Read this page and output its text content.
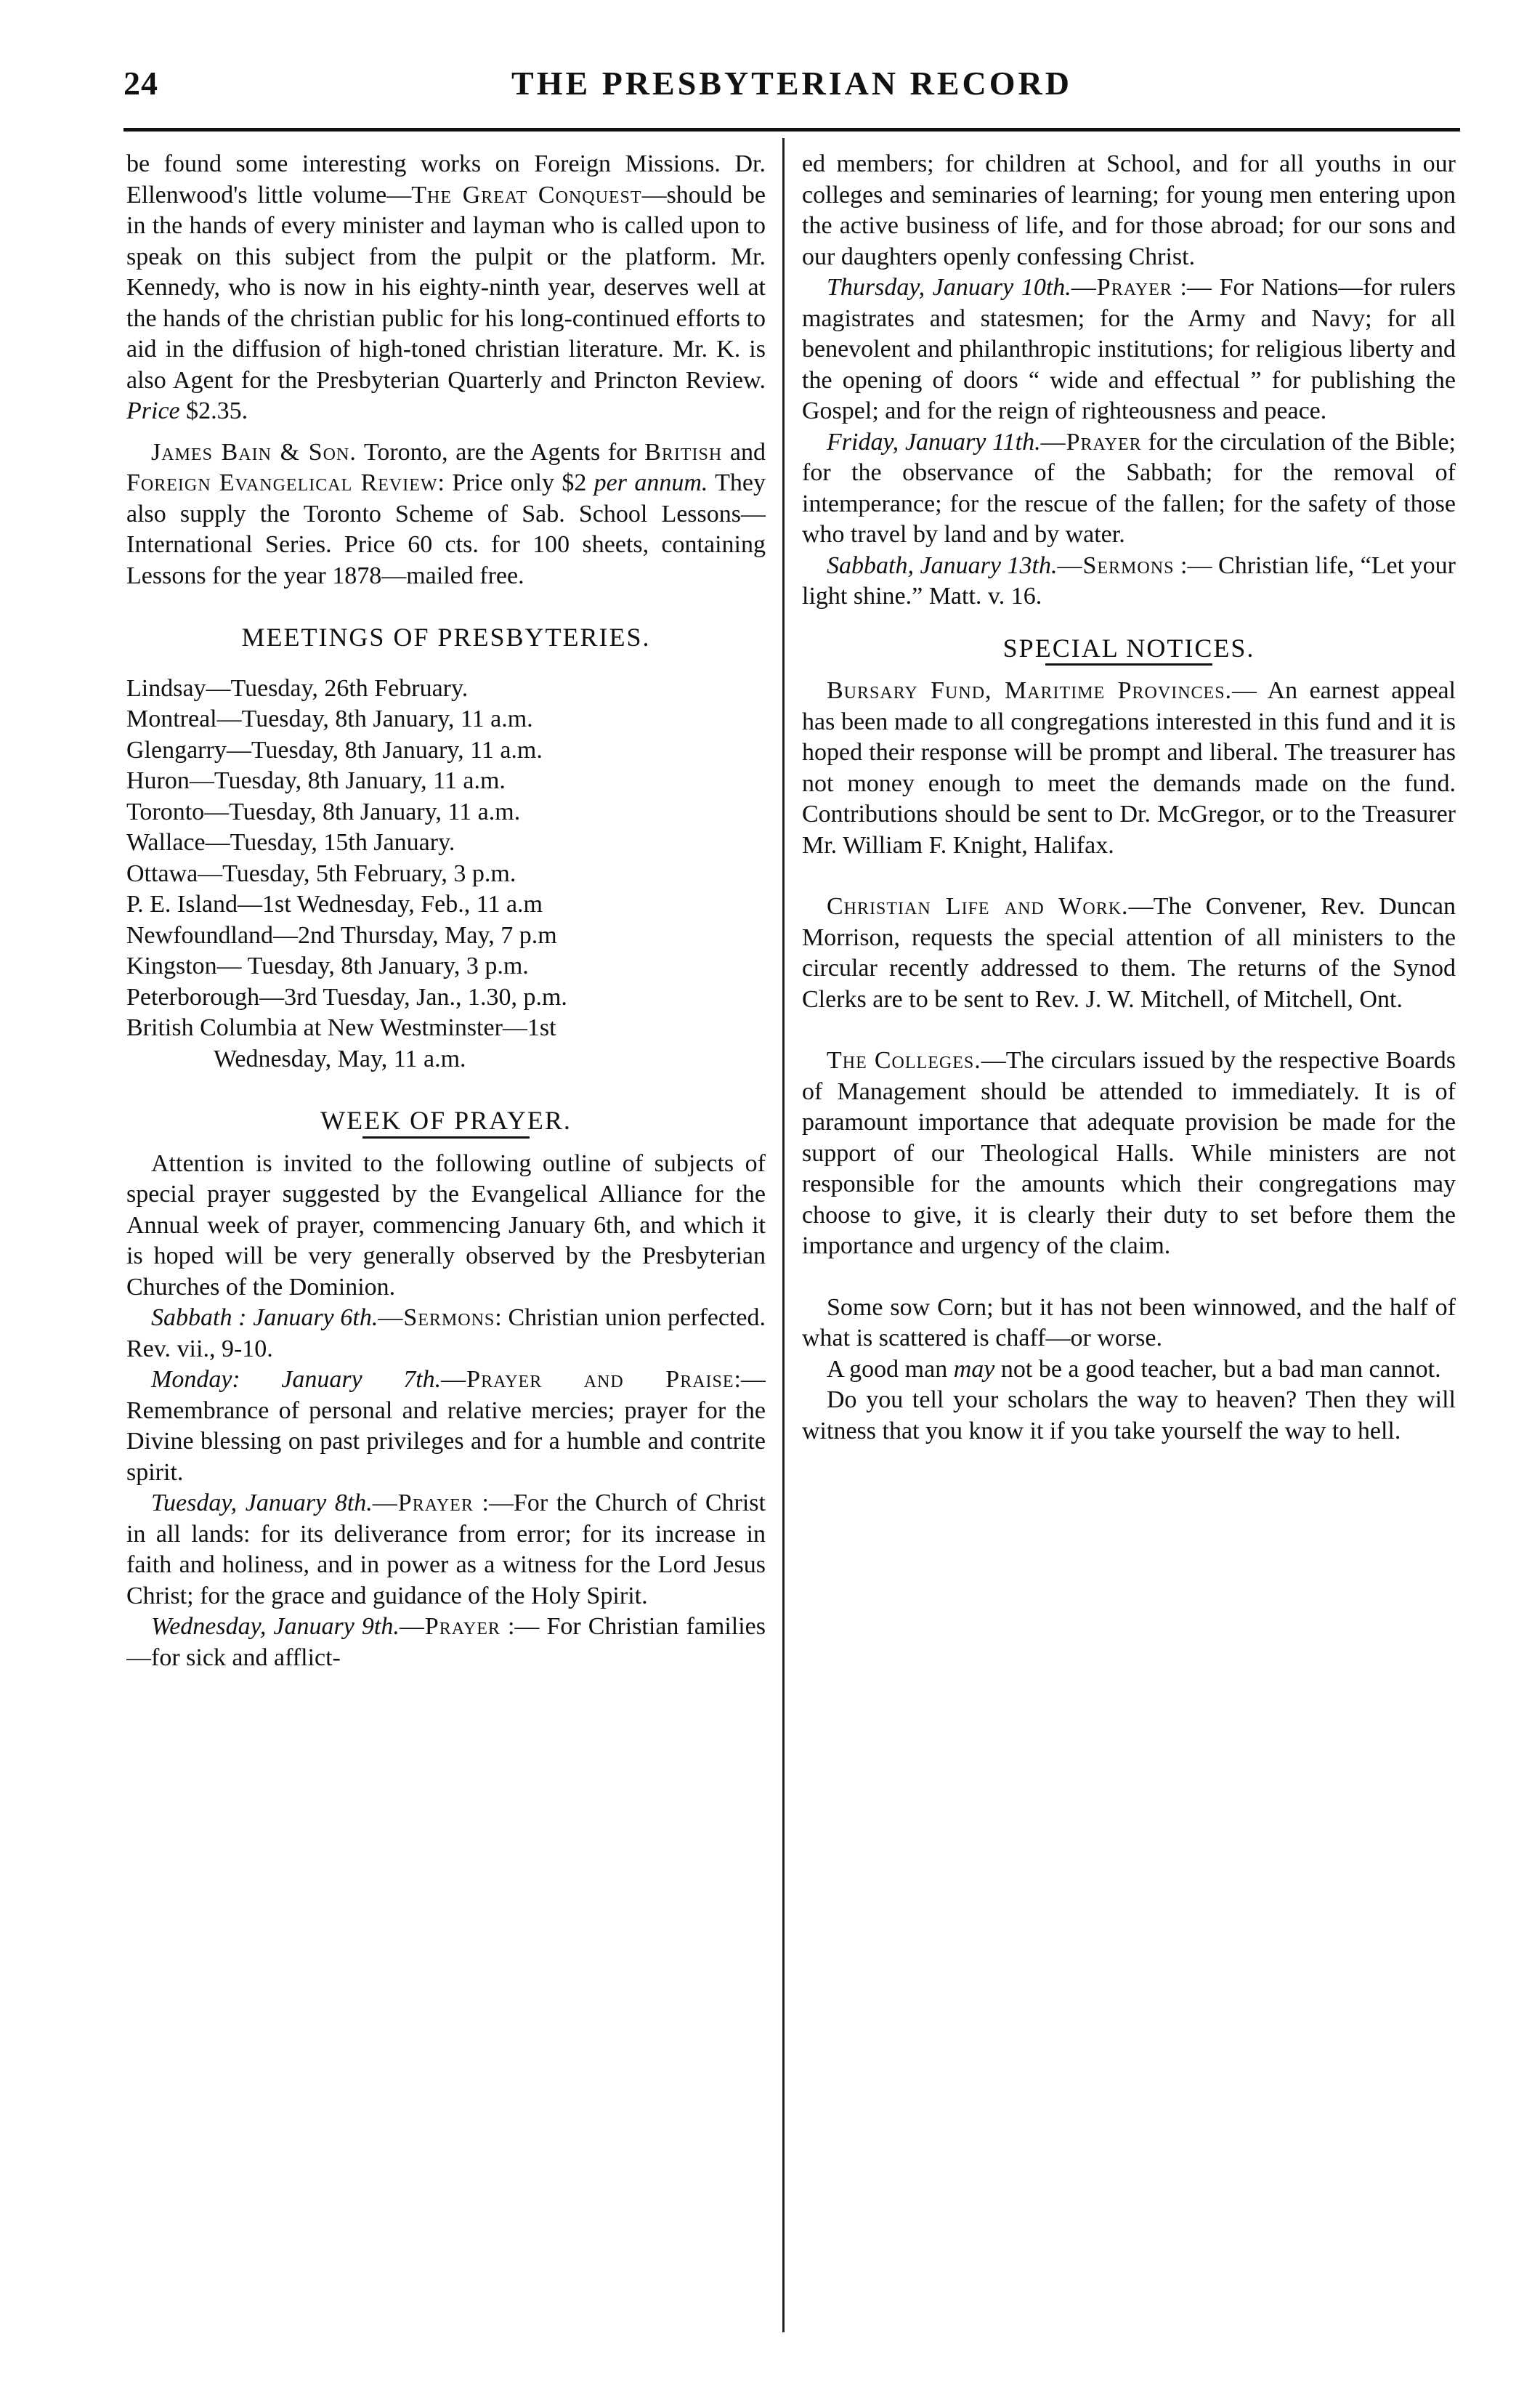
24	THE PRESBYTERIAN RECORD

be found some interesting works on Foreign Missions. Dr. Ellenwood's little volume—The Great Conquest—should be in the hands of every minister and layman who is called upon to speak on this subject from the pulpit or the platform. Mr. Kennedy, who is now in his eighty-ninth year, deserves well at the hands of the christian public for his long-continued efforts to aid in the diffusion of high-toned christian literature. Mr. K. is also Agent for the Presbyterian Quarterly and Princton Review. Price $2.35.

James Bain & Son. Toronto, are the Agents for British and Foreign Evangelical Review: Price only $2 per annum. They also supply the Toronto Scheme of Sab. School Lessons—International Series. Price 60 cts. for 100 sheets, containing Lessons for the year 1878—mailed free.

MEETINGS OF PRESBYTERIES.

Lindsay—Tuesday, 26th February.

Montreal—Tuesday, 8th January, 11 a.m.

Glengarry—Tuesday, 8th January, 11 a.m.

Huron—Tuesday, 8th January, 11 a.m.

Toronto—Tuesday, 8th January, 11 a.m.

Wallace—Tuesday, 15th January.

Ottawa—Tuesday, 5th February, 3 p.m.

P. E. Island—1st Wednesday, Feb., 11 a.m

Newfoundland—2nd Thursday, May, 7 p.m

Kingston— Tuesday, 8th January, 3 p.m.

Peterborough—3rd Tuesday, Jan., 1.30, p.m.

British Columbia at New Westminster—1st

Wednesday, May, 11 a.m.

WEEK OF PRAYER.

Attention is invited to the following outline of subjects of special prayer suggested by the Evangelical Alliance for the Annual week of prayer, commencing January 6th, and which it is hoped will be very generally observed by the Presbyterian Churches of the Dominion.

Sabbath : January 6th.—Sermons: Christian union perfected. Rev. vii., 9-10.

Monday: January 7th.—Prayer and Praise:—Remembrance of personal and relative mercies; prayer for the Divine blessing on past privileges and for a humble and contrite spirit.

Tuesday, January 8th.—Prayer :—For the Church of Christ in all lands: for its deliverance from error; for its increase in faith and holiness, and in power as a witness for the Lord Jesus Christ; for the grace and guidance of the Holy Spirit.

Wednesday, January 9th.—Prayer :— For Christian families—for sick and afflict-

ed members; for children at School, and for all youths in our colleges and seminaries of learning; for young men entering upon the active business of life, and for those abroad; for our sons and our daughters openly confessing Christ.

Thursday, January 10th.—Prayer :— For Nations—for rulers magistrates and statesmen; for the Army and Navy; for all benevolent and philanthropic institutions; for religious liberty and the opening of doors “ wide and effectual ” for publishing the Gospel; and for the reign of righteousness and peace.

Friday, January 11th.—Prayer for the circulation of the Bible; for the observance of the Sabbath; for the removal of intemperance; for the rescue of the fallen; for the safety of those who travel by land and by water.

Sabbath, January 13th.—Sermons :— Christian life, “Let your light shine.” Matt. v. 16.

SPECIAL NOTICES.

Bursary Fund, Maritime Provinces.— An earnest appeal has been made to all congregations interested in this fund and it is hoped their response will be prompt and liberal. The treasurer has not money enough to meet the demands made on the fund. Contributions should be sent to Dr. McGregor, or to the Treasurer Mr. William F. Knight, Halifax.

Christian Life and Work.—The Convener, Rev. Duncan Morrison, requests the special attention of all ministers to the circular recently addressed to them. The returns of the Synod Clerks are to be sent to Rev. J. W. Mitchell, of Mitchell, Ont.

The Colleges.—The circulars issued by the respective Boards of Management should be attended to immediately. It is of paramount importance that adequate provision be made for the support of our Theological Halls. While ministers are not responsible for the amounts which their congregations may choose to give, it is clearly their duty to set before them the importance and urgency of the claim.

Some sow Corn; but it has not been winnowed, and the half of what is scattered is chaff—or worse.

A good man may not be a good teacher, but a bad man cannot.

Do you tell your scholars the way to heaven? Then they will witness that you know it if you take yourself the way to hell.
